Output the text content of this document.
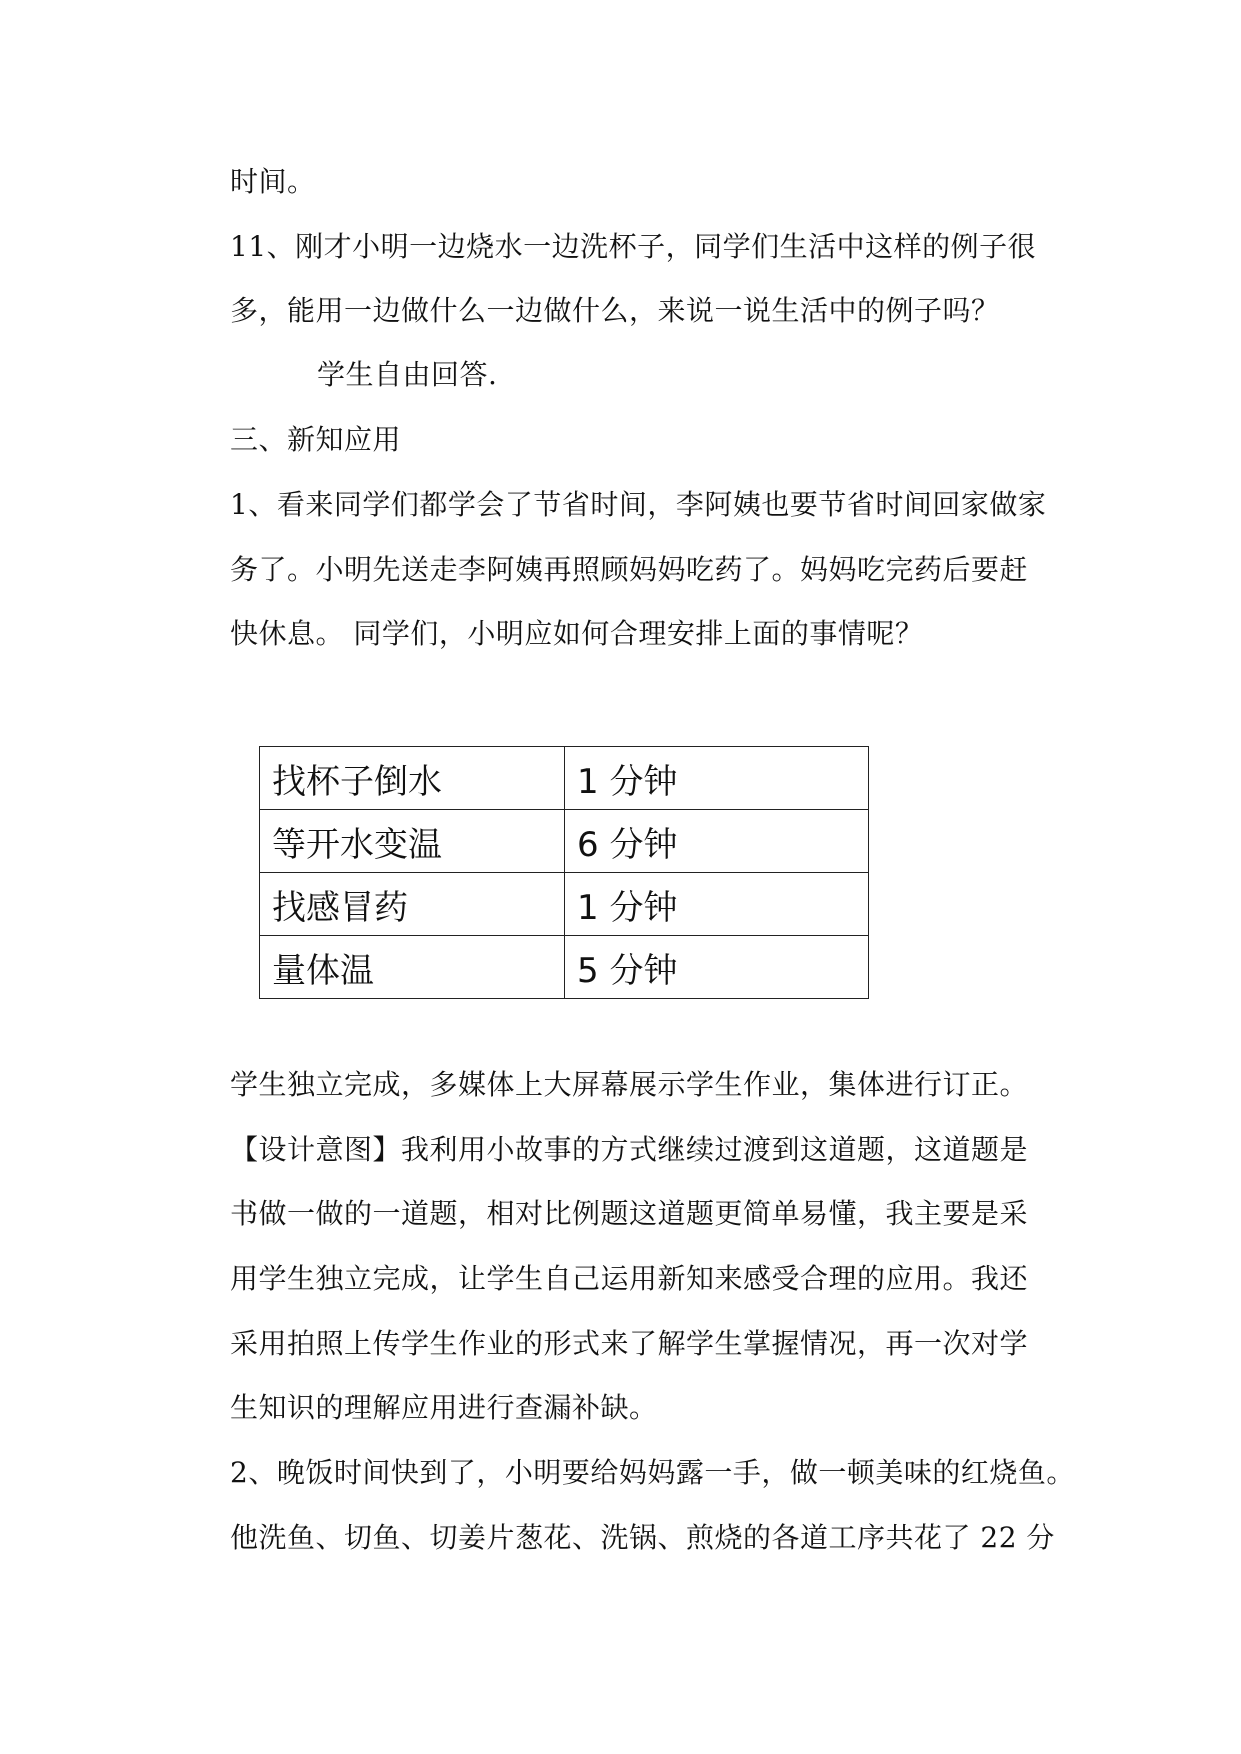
时间。
11、刚才小明一边烧水一边洗杯子，同学们生活中这样的例子很
多，能用一边做什么一边做什么，来说一说生活中的例子吗？
学生自由回答.
三、新知应用
1、看来同学们都学会了节省时间，李阿姨也要节省时间回家做家
务了。小明先送走李阿姨再照顾妈妈吃药了。妈妈吃完药后要赶
快休息。 同学们，小明应如何合理安排上面的事情呢？
找杯子倒水	1 分钟
等开水变温	6 分钟
找感冒药	1 分钟
量体温	5 分钟
学生独立完成，多媒体上大屏幕展示学生作业，集体进行订正。
【设计意图】我利用小故事的方式继续过渡到这道题，这道题是
书做一做的一道题，相对比例题这道题更简单易懂，我主要是采
用学生独立完成，让学生自己运用新知来感受合理的应用。我还
采用拍照上传学生作业的形式来了解学生掌握情况，再一次对学
生知识的理解应用进行查漏补缺。
2、晚饭时间快到了，小明要给妈妈露一手，做一顿美味的红烧鱼。
他洗鱼、切鱼、切姜片葱花、洗锅、煎烧的各道工序共花了 22 分
